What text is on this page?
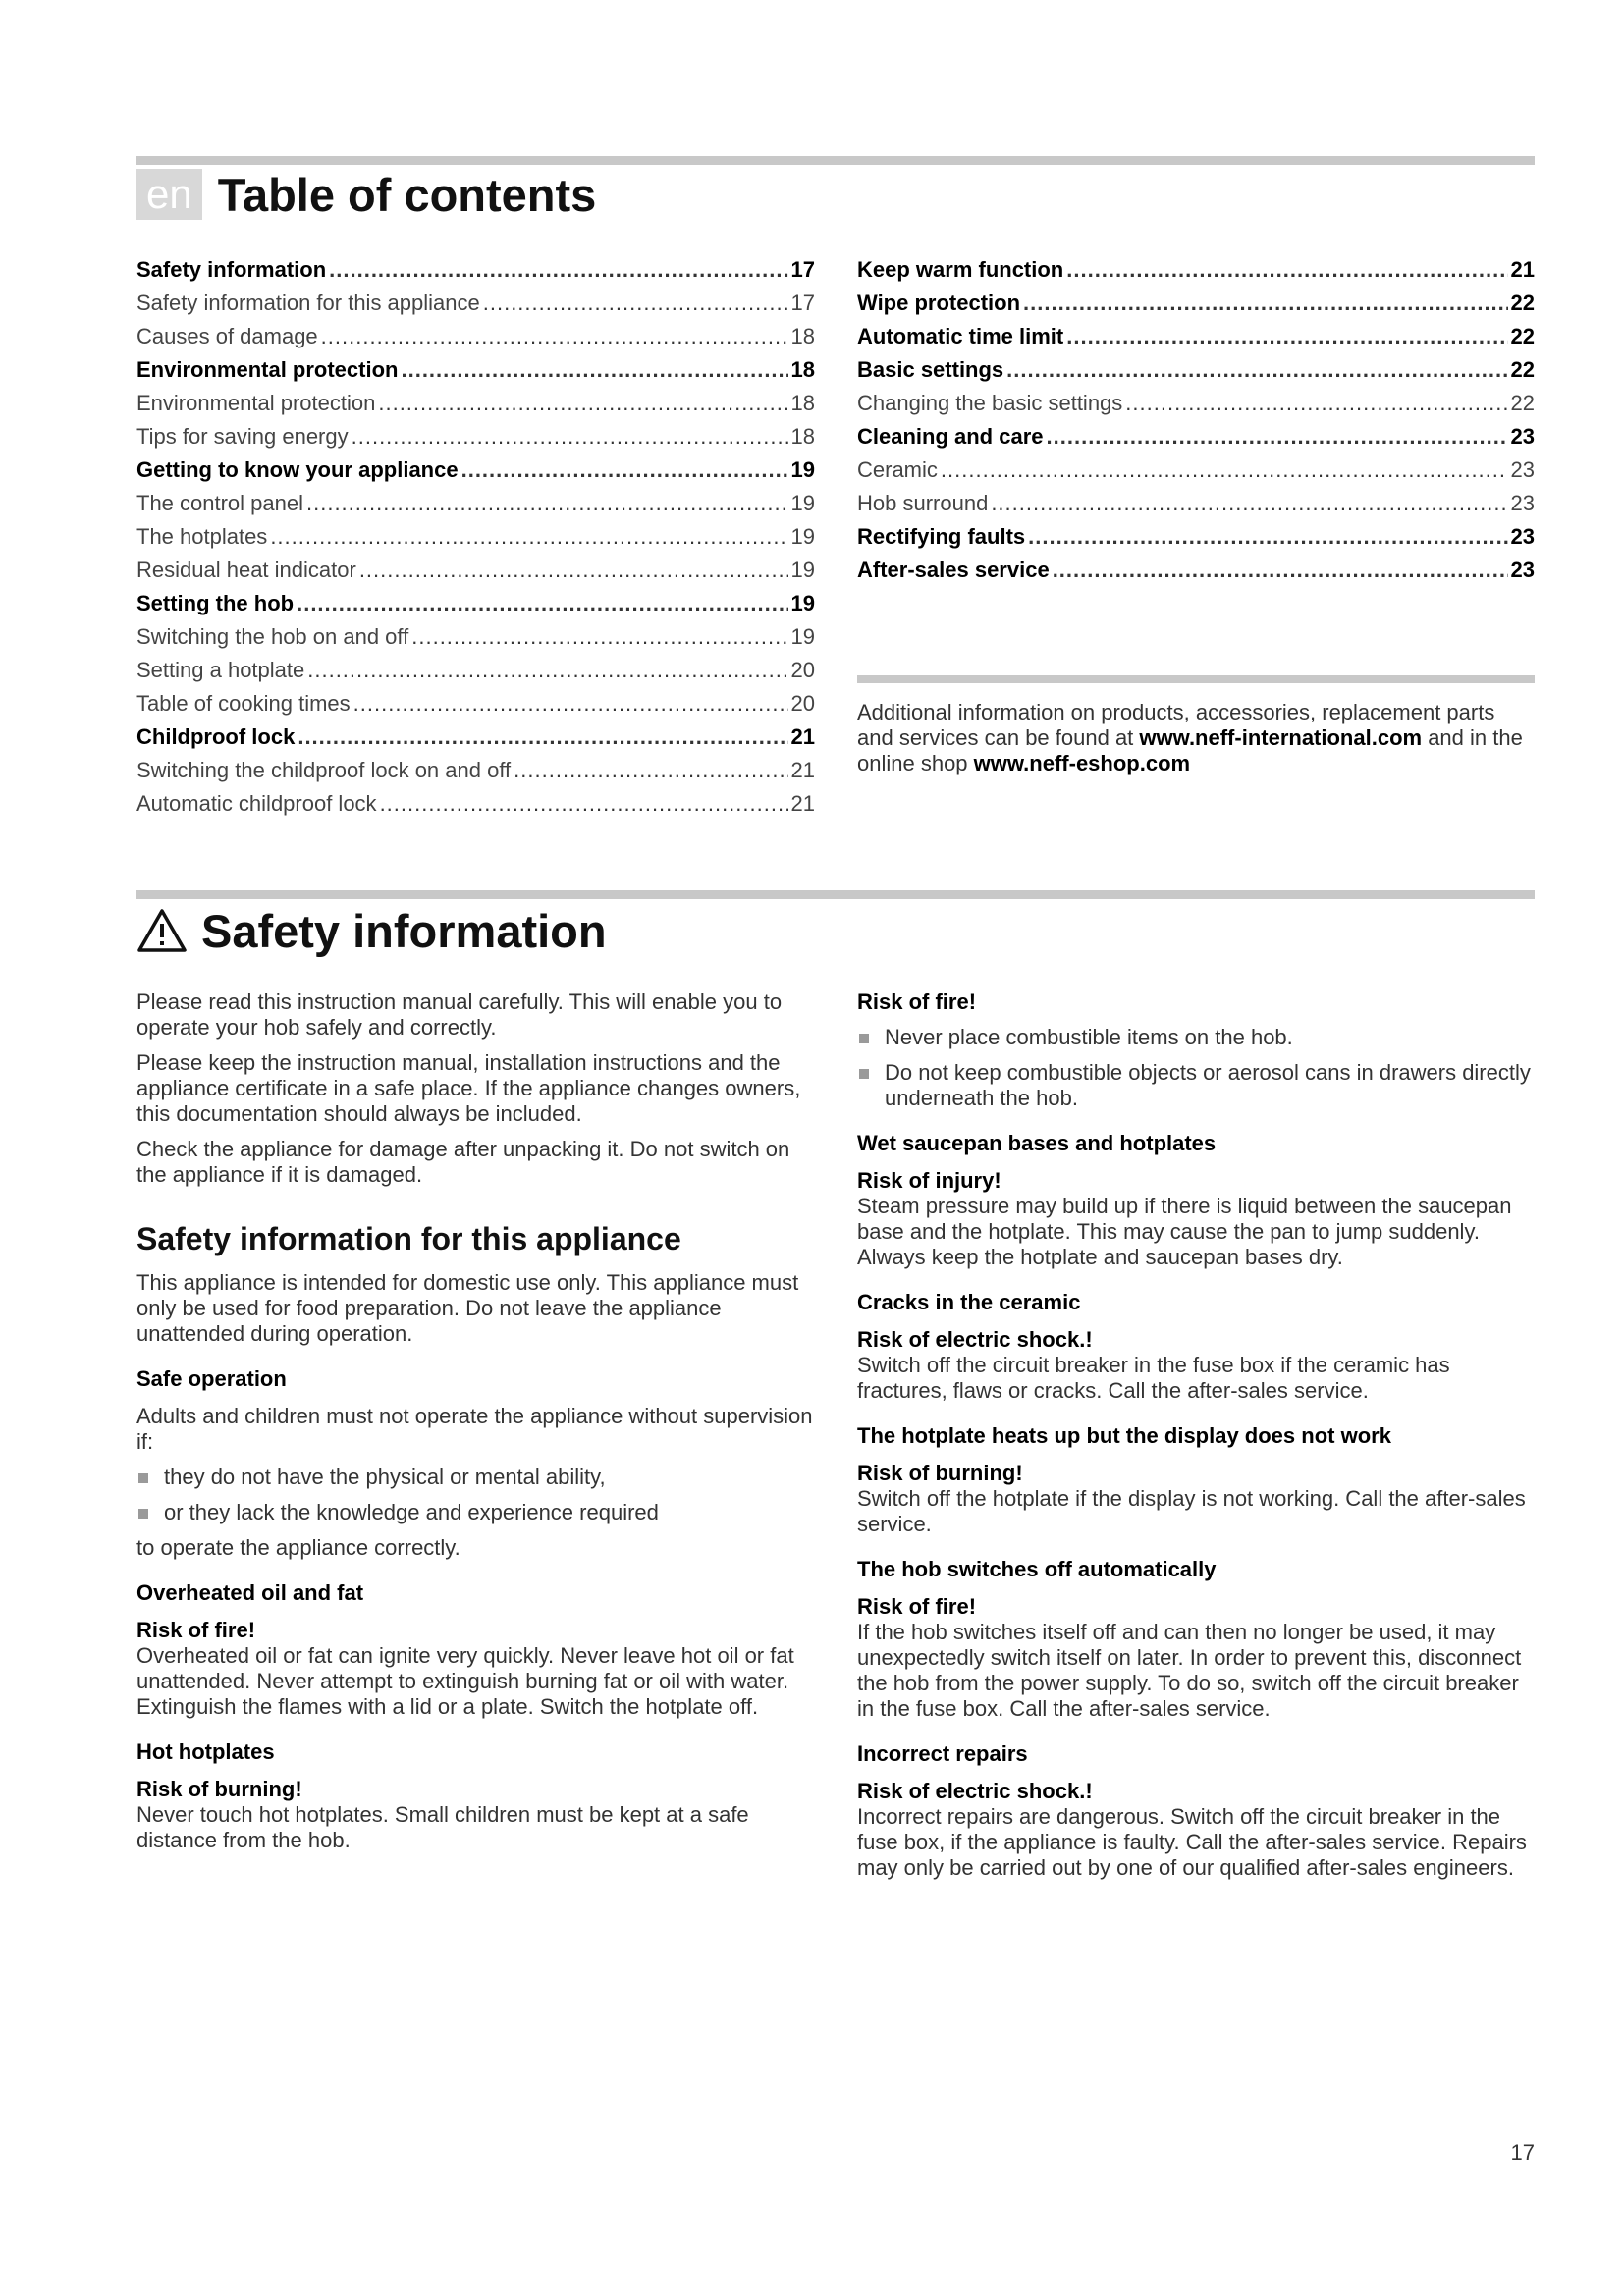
en Table of contents
Safety information .....	17
Safety information for this appliance .....	17
Causes of damage .....	18
Environmental protection .....	18
Environmental protection .....	18
Tips for saving energy .....	18
Getting to know your appliance .....	19
The control panel .....	19
The hotplates .....	19
Residual heat indicator .....	19
Setting the hob .....	19
Switching the hob on and off .....	19
Setting a hotplate .....	20
Table of cooking times .....	20
Childproof lock .....	21
Switching the childproof lock on and off .....	21
Automatic childproof lock .....	21
Keep warm function .....	21
Wipe protection .....	22
Automatic time limit .....	22
Basic settings .....	22
Changing the basic settings .....	22
Cleaning and care .....	23
Ceramic .....	23
Hob surround .....	23
Rectifying faults .....	23
After-sales service .....	23
Additional information on products, accessories, replacement parts and services can be found at www.neff-international.com and in the online shop www.neff-eshop.com
Safety information

Please read this instruction manual carefully. This will enable you to operate your hob safely and correctly.

Please keep the instruction manual, installation instructions and the appliance certificate in a safe place. If the appliance changes owners, this documentation should always be included.

Check the appliance for damage after unpacking it. Do not switch on the appliance if it is damaged.

Safety information for this appliance

This appliance is intended for domestic use only. This appliance must only be used for food preparation. Do not leave the appliance unattended during operation.

Safe operation

Adults and children must not operate the appliance without supervision if:

they do not have the physical or mental ability,
or they lack the knowledge and experience required

to operate the appliance correctly.

Overheated oil and fat
Risk of fire!

Overheated oil or fat can ignite very quickly. Never leave hot oil or fat unattended. Never attempt to extinguish burning fat or oil with water. Extinguish the flames with a lid or a plate. Switch the hotplate off.

Hot hotplates
Risk of burning!

Never touch hot hotplates. Small children must be kept at a safe distance from the hob.

Risk of fire!
Never place combustible items on the hob.
Do not keep combustible objects or aerosol cans in drawers directly underneath the hob.
Wet saucepan bases and hotplates
Risk of injury!

Steam pressure may build up if there is liquid between the saucepan base and the hotplate. This may cause the pan to jump suddenly. Always keep the hotplate and saucepan bases dry.

Cracks in the ceramic
Risk of electric shock.!

Switch off the circuit breaker in the fuse box if the ceramic has fractures, flaws or cracks. Call the after-sales service.

The hotplate heats up but the display does not work
Risk of burning!

Switch off the hotplate if the display is not working. Call the after-sales service.

The hob switches off automatically
Risk of fire!

If the hob switches itself off and can then no longer be used, it may unexpectedly switch itself on later. In order to prevent this, disconnect the hob from the power supply. To do so, switch off the circuit breaker in the fuse box. Call the after-sales service.

Incorrect repairs
Risk of electric shock.!

Incorrect repairs are dangerous. Switch off the circuit breaker in the fuse box, if the appliance is faulty. Call the after-sales service. Repairs may only be carried out by one of our qualified after-sales engineers.

17
